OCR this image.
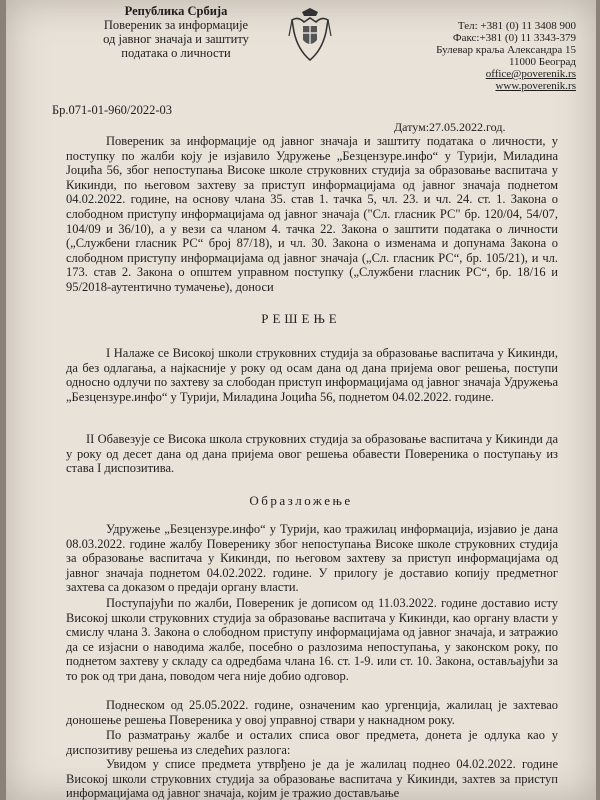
Република Србија
Повереник за информације
од јавног значаја и заштиту
података о личности
Тел: +381 (0) 11 3408 900
Факс:+381 (0) 11 3343-379
Булевар краља Александра 15
11000 Београд
office@poverenik.rs
www.poverenik.rs
Бр.071-01-960/2022-03
Датум:27.05.2022.год.
Повереник за информације од јавног значаја и заштиту података о личности, у поступку по жалби коју је изјавило Удружење „Безцензуре.инфо“ у Турији, Миладина Јоцића 56, због непоступања Високе школе струковних студија за образовање васпитача у Кикинди, по његовом захтеву за приступ информацијама од јавног значаја поднетом 04.02.2022. године, на основу члана 35. став 1. тачка 5, чл. 23. и чл. 24. ст. 1. Закона о слободном приступу информацијама од јавног значаја ("Сл. гласник РС" бр. 120/04, 54/07, 104/09 и 36/10), а у вези са чланом 4. тачка 22. Закона о заштити података о личности („Службени гласник РС“ број 87/18), и чл. 30. Закона о изменама и допунама Закона о слободном приступу информацијама од јавног значаја („Сл. гласник РС“, бр. 105/21), и чл. 173. став 2. Закона о општем управном поступку („Службени гласник РС“, бр. 18/16 и 95/2018-аутентично тумачење), доноси
РЕШЕЊЕ
I Налаже се Високој школи струковних студија за образовање васпитача у Кикинди, да без одлагања, а најкасније у року од осам дана од дана пријема овог решења, поступи односно одлучи по захтеву за слободан приступ информацијама од јавног значаја Удружења „Безцензуре.инфо“ у Турији, Миладина Јоцића 56, поднетом 04.02.2022. године.
II Обавезује се Висока школа струковних студија за образовање васпитача у Кикинди да у року од десет дана од дана пријема овог решења обавести Повереника о поступању из става I диспозитива.
Образложење
Удружење „Безцензуре.инфо“ у Турији, као тражилац информација, изјавио је дана 08.03.2022. године жалбу Поверенику због непоступања Високе школе струковних студија за образовање васпитача у Кикинди, по његовом захтеву за приступ информацијама од јавног значаја поднетом 04.02.2022. године. У прилогу је доставио копију предметног захтева са доказом о предаји органу власти.
Поступајући по жалби, Повереник је дописом од 11.03.2022. године доставио исту Високој школи струковних студија за образовање васпитача у Кикинди, као органу власти у смислу члана 3. Закона о слободном приступу информацијама од јавног значаја, и затражио да се изјасни о наводима жалбе, посебно о разлозима непоступања, у законском року, по поднетом захтеву у складу са одредбама члана 16. ст. 1-9. или ст. 10. Закона, остављајући за то рок од три дана, поводом чега није добио одговор.
Поднеском од 25.05.2022. године, означеним као ургенција, жалилац је захтевао доношење решења Повереника у овој управној ствари у накнадном року.
По разматрању жалбе и осталих списа овог предмета, донета је одлука као у диспозитиву решења из следећих разлога:
Увидом у списе предмета утврђено је да је жалилац поднео 04.02.2022. године Високој школи струковних студија за образовање васпитача у Кикинди, захтев за приступ информацијама од јавног значаја, којим је тражио достављање
